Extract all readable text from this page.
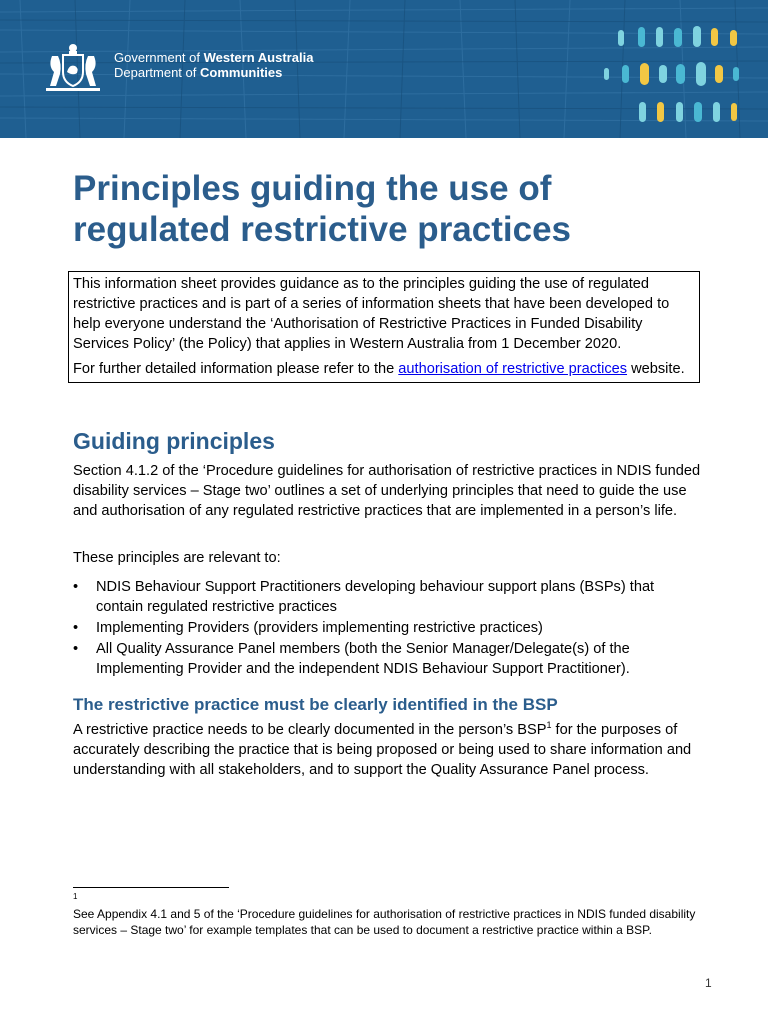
Government of Western Australia
Department of Communities
Principles guiding the use of regulated restrictive practices

This information sheet provides guidance as to the principles guiding the use of regulated restrictive practices and is part of a series of information sheets that have been developed to help everyone understand the ‘Authorisation of Restrictive Practices in Funded Disability Services Policy’ (the Policy) that applies in Western Australia from 1 December 2020.

For further detailed information please refer to the authorisation of restrictive practices website.

Guiding principles

Section 4.1.2 of the ‘Procedure guidelines for authorisation of restrictive practices in NDIS funded disability services – Stage two’ outlines a set of underlying principles that need to guide the use and authorisation of any regulated restrictive practices that are implemented in a person’s life.

These principles are relevant to:

• NDIS Behaviour Support Practitioners developing behaviour support plans (BSPs) that contain regulated restrictive practices
• Implementing Providers (providers implementing restrictive practices)
• All Quality Assurance Panel members (both the Senior Manager/Delegate(s) of the Implementing Provider and the independent NDIS Behaviour Support Practitioner).
The restrictive practice must be clearly identified in the BSP

A restrictive practice needs to be clearly documented in the person’s BSP$^1$ for the purposes of accurately describing the practice that is being proposed or being used to share information and understanding with all stakeholders, and to support the Quality Assurance Panel process.

1

See Appendix 4.1 and 5 of the ‘Procedure guidelines for authorisation of restrictive practices in NDIS funded disability services – Stage two’ for example templates that can be used to document a restrictive practice within a BSP.

1
